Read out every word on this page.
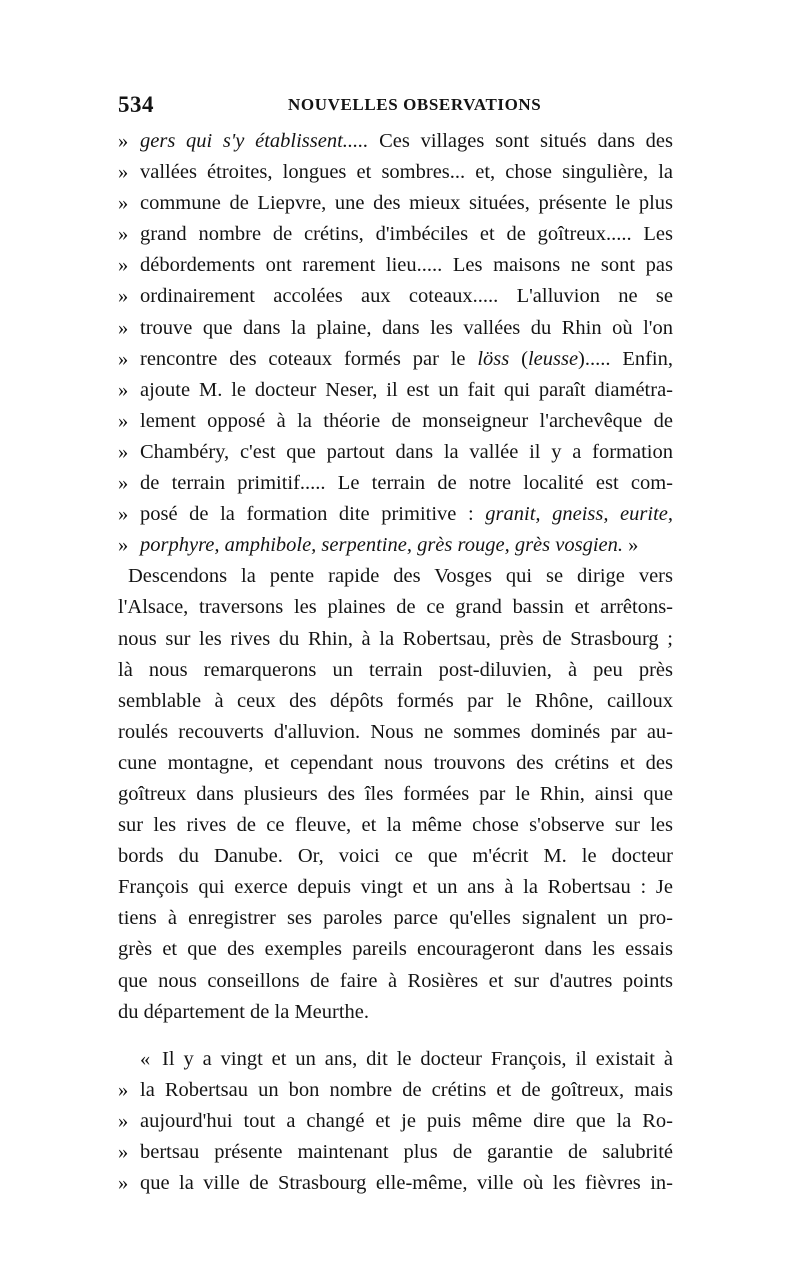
534	NOUVELLES OBSERVATIONS
»gers qui s'y établissent..... Ces villages sont situés dans des
»vallées étroites, longues et sombres... et, chose singulière, la
»commune de Liepvre, une des mieux situées, présente le plus
»grand nombre de crétins, d'imbéciles et de goîtreux..... Les
»débordements ont rarement lieu..... Les maisons ne sont pas
»ordinairement accolées aux coteaux..... L'alluvion ne se
»trouve que dans la plaine, dans les vallées du Rhin où l'on
»rencontre des coteaux formés par le löss (leusse)..... Enfin,
»ajoute M. le docteur Neser, il est un fait qui paraît diamétra-
»lement opposé à la théorie de monseigneur l'archevêque de
»Chambéry, c'est que partout dans la vallée il y a formation
»de terrain primitif..... Le terrain de notre localité est com-
»posé de la formation dite primitive : granit, gneiss, eurite,
»porphyre, amphibole, serpentine, grès rouge, grès vosgien. »
Descendons la pente rapide des Vosges qui se dirige vers
l'Alsace, traversons les plaines de ce grand bassin et arrêtons-
nous sur les rives du Rhin, à la Robertsau, près de Strasbourg ;
là nous remarquerons un terrain post-diluvien, à peu près
semblable à ceux des dépôts formés par le Rhône, cailloux
roulés recouverts d'alluvion. Nous ne sommes dominés par au-
cune montagne, et cependant nous trouvons des crétins et des
goîtreux dans plusieurs des îles formées par le Rhin, ainsi que
sur les rives de ce fleuve, et la même chose s'observe sur les
bords du Danube. Or, voici ce que m'écrit M. le docteur
François qui exerce depuis vingt et un ans à la Robertsau : Je
tiens à enregistrer ses paroles parce qu'elles signalent un pro-
grès et que des exemples pareils encourageront dans les essais
que nous conseillons de faire à Rosières et sur d'autres points
du département de la Meurthe.
«Il y a vingt et un ans, dit le docteur François, il existait à
»la Robertsau un bon nombre de crétins et de goîtreux, mais
»aujourd'hui tout a changé et je puis même dire que la Ro-
»bertsau présente maintenant plus de garantie de salubrité
»que la ville de Strasbourg elle-même, ville où les fièvres in-
